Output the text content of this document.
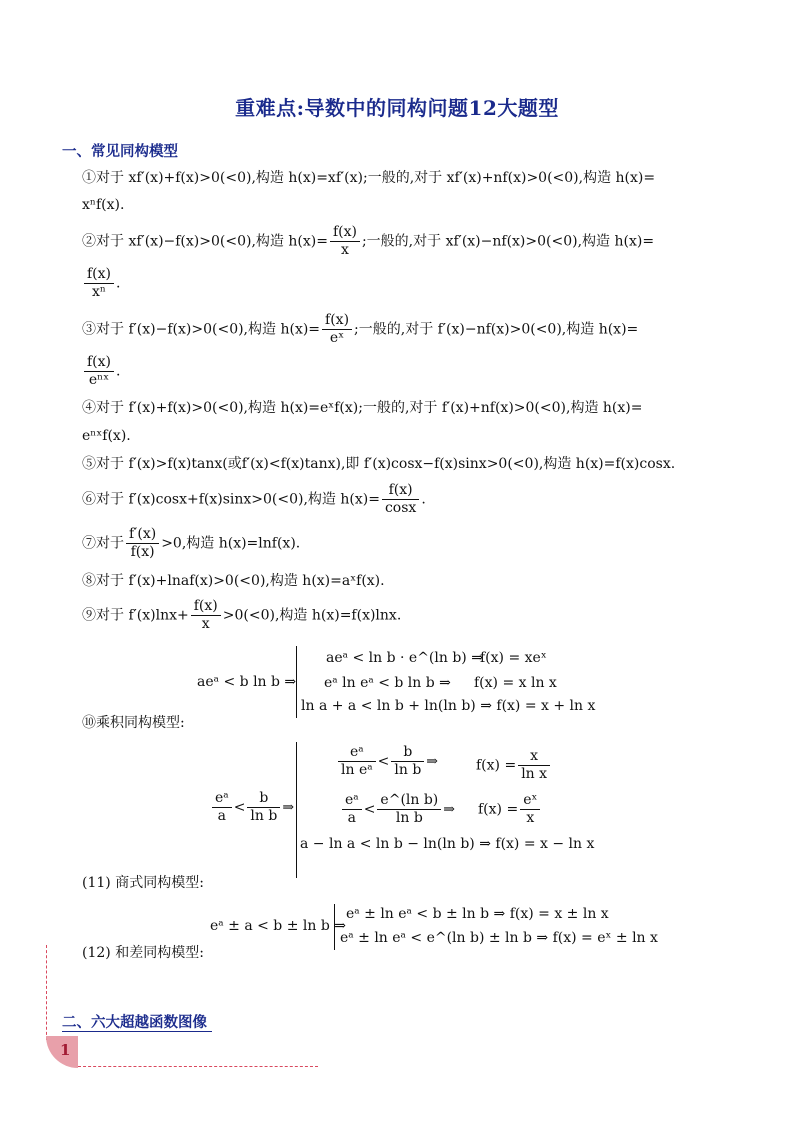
重难点:导数中的同构问题12大题型
一、常见同构模型
①对于 xf′(x)+f(x)>0(<0),构造 h(x)=xf′(x);一般的,对于 xf′(x)+nf(x)>0(<0),构造 h(x)=
xⁿf(x).
②对于 xf′(x)−f(x)>0(<0),构造 $h(x)= \frac{f(x)}{x}$ ;一般的,对于 xf′(x)−nf(x)>0(<0),构造 h(x)=
$\frac{f(x)}{\text{xⁿ}}$ .
③对于 f′(x)−f(x)>0(<0),构造 $h(x)= \frac{f(x)}{\text{eˣ}}$ ;一般的,对于 f′(x)−nf(x)>0(<0),构造 h(x)=
$\frac{f(x)}{\text{eⁿˣ}}$ .
④对于 f′(x)+f(x)>0(<0),构造 h(x)=eˣf(x);一般的,对于 f′(x)+nf(x)>0(<0),构造 h(x)=
eⁿˣf(x).
⑤对于 f′(x)>f(x)tanx(或f′(x)<f(x)tanx),即 f′(x)cosx−f(x)sinx>0(<0),构造 h(x)=f(x)cosx.
⑥对于 f′(x)cosx+f(x)sinx>0(<0),构造 $h(x)= \frac{f(x)}{\cos x}$ .
⑦对于 $\frac{f'(x)}{f(x)} >0$,构造 h(x)=lnf(x).
⑧对于 f′(x)+lnaf(x)>0(<0),构造 h(x)=aˣf(x).
⑨对于 $f'(x)\ln x+ \frac{f(x)}{x} >0(<0)$,构造 h(x)=f(x)lnx.
aeᵃ < b ln b ⇒
aeᵃ < ln b · e^(ln b) ⇒
f(x) = xeˣ
eᵃ ln eᵃ < b ln b ⇒ f(x) = x ln x
ln a + a < ln b + ln(ln b) ⇒ f(x) = x + ln x
⑩乘积同构模型:
$\frac{\text{eᵃ}}{a} < \frac{b}{\text{ln b}}$ ⇒
$\frac{\text{eᵃ}}{\text{ln eᵃ}} < \frac{b}{\text{ln b}}$ ⇒	$f(x) = \frac{x}{\text{ln x}}$
$\frac{\text{eᵃ}}{a} < \frac{\text{e\textasciicircum{}(ln b)}}{\text{ln b}}$ ⇒ $f(x) = \frac{\text{eˣ}}{x}$
a − ln a < ln b − ln(ln b) ⇒ f(x) = x − ln x
(11) 商式同构模型:
eᵃ ± a < b ± ln b ⇒
eᵃ ± ln eᵃ < b ± ln b ⇒ f(x) = x ± ln x
eᵃ ± ln eᵃ < e^(ln b) ± ln b ⇒ f(x) = eˣ ± ln x
(12) 和差同构模型:
二、六大超越函数图像
1
